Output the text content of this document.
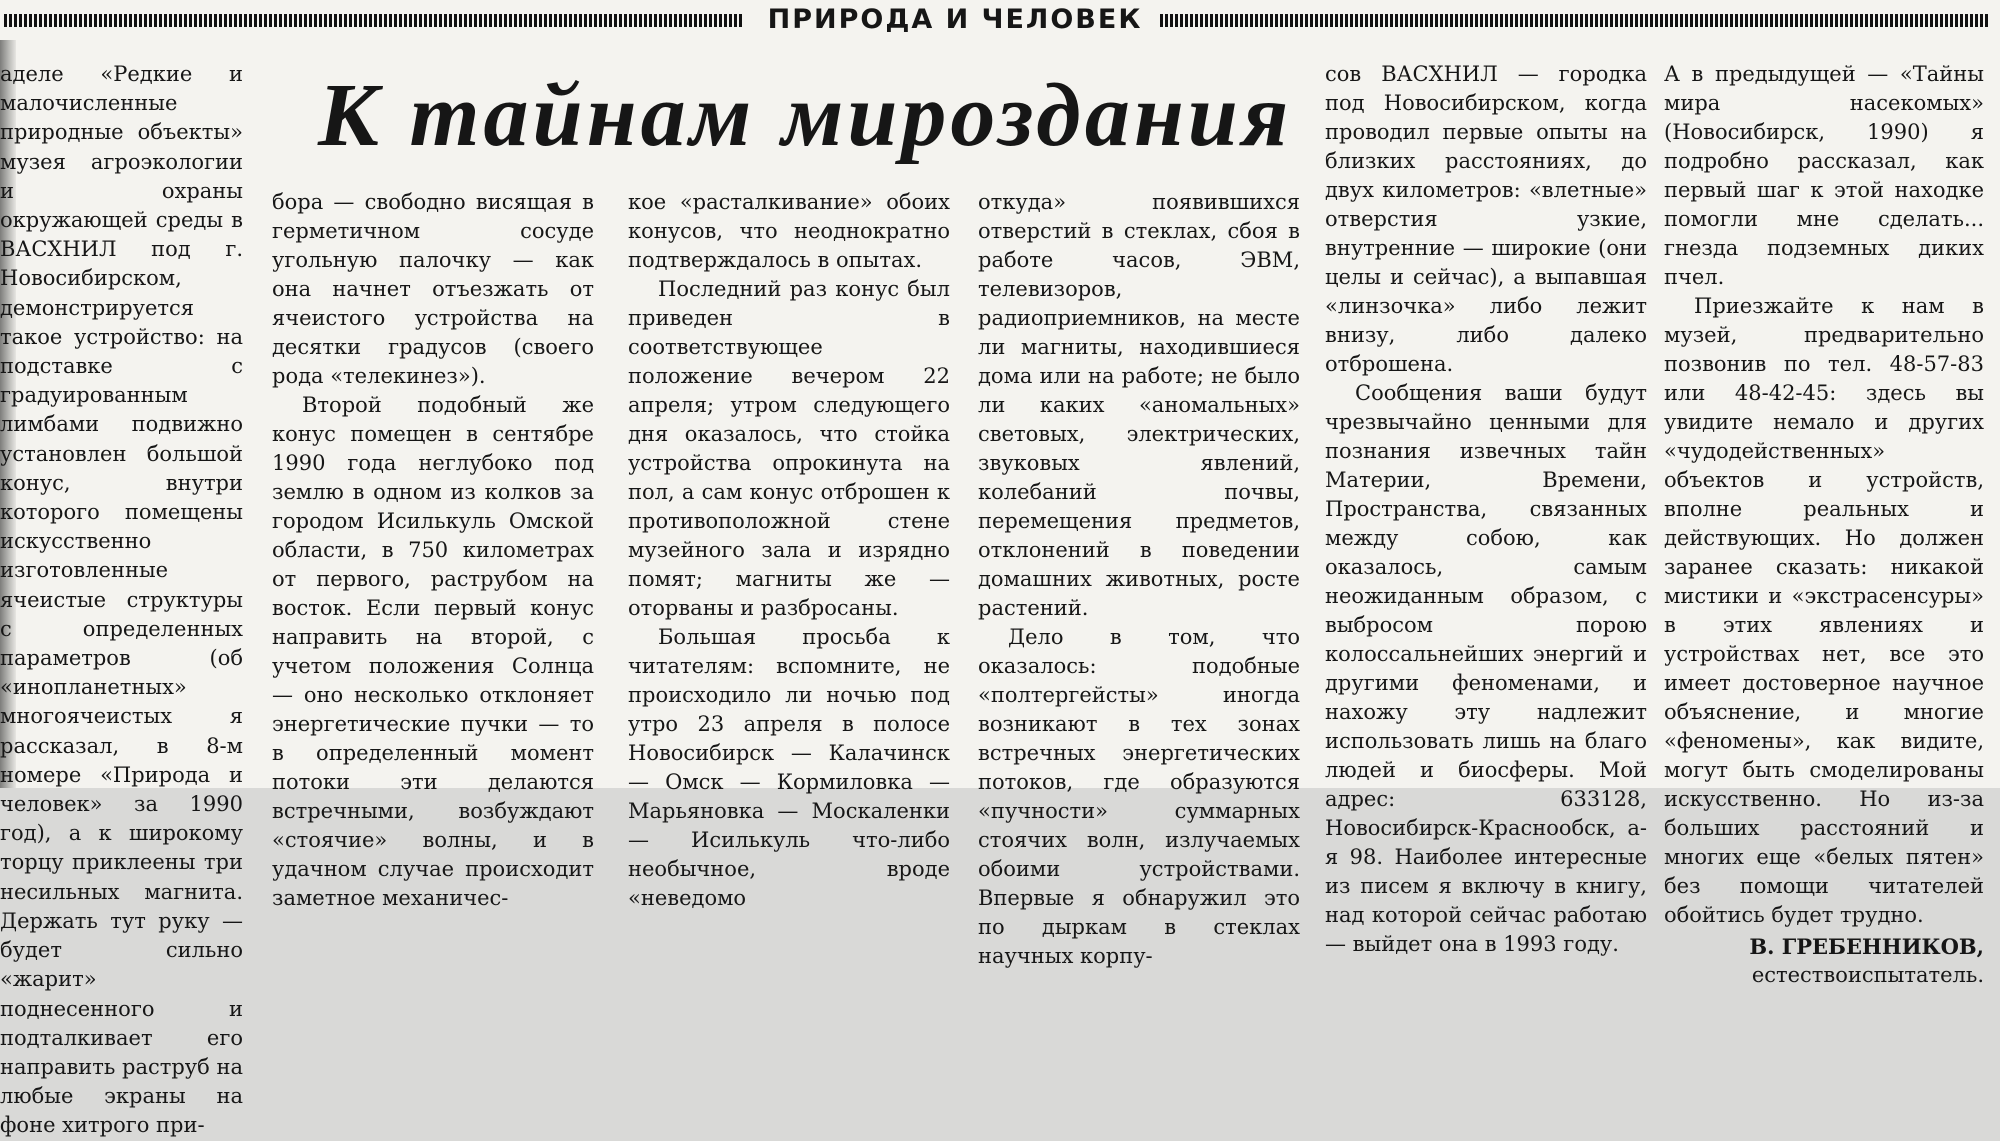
ПРИРОДА И ЧЕЛОВЕК
К тайнам мироздания

аделе «Редкие и малочисленные природные объекты» музея агроэкологии и охраны окружающей среды в ВАСХНИЛ под г. Новосибирском, демонстрируется такое устройство: на подставке с градуированным лимбами подвижно установлен большой конус, внутри которого помещены искусственно изготовленные ячеистые структуры с определенных параметров (об «инопланетных» многоячеистых я рассказал, в 8-м номере «Природа и человек» за 1990 год), а к широкому торцу приклеены три несильных магнита. Держать тут руку — будет сильно «жарит» поднесенного и подталкивает его направить раструб на любые экраны на фоне хитрого при-

бора — свободно висящая в герметичном сосуде угольную палочку — как она начнет отъезжать от ячеистого устройства на десятки градусов (своего рода «телекинез»).

Второй подобный же конус помещен в сентябре 1990 года неглубоко под землю в одном из колков за городом Исилькуль Омской области, в 750 километрах от первого, раструбом на восток. Если первый конус направить на второй, с учетом положения Солнца — оно несколько отклоняет энергетические пучки — то в определенный момент потоки эти делаются встречными, возбуждают «стоячие» волны, и в удачном случае происходит заметное механичес-

кое «расталкивание» обоих конусов, что неоднократно подтверждалось в опытах.

Последний раз конус был приведен в соответствующее положение вечером 22 апреля; утром следующего дня оказалось, что стойка устройства опрокинута на пол, а сам конус отброшен к противоположной стене музейного зала и изрядно помят; магниты же — оторваны и разбросаны.

Большая просьба к читателям: вспомните, не происходило ли ночью под утро 23 апреля в полосе Новосибирск — Калачинск — Омск — Кормиловка — Марьяновка — Москаленки — Исилькуль что-либо необычное, вроде «неведомо

откуда» появившихся отверстий в стеклах, сбоя в работе часов, ЭВМ, телевизоров, радиоприемников, на месте ли магниты, находившиеся дома или на работе; не было ли каких «аномальных» световых, электрических, звуковых явлений, колебаний почвы, перемещения предметов, отклонений в поведении домашних животных, росте растений.

Дело в том, что оказалось: подобные «полтергейсты» иногда возникают в тех зонах встречных энергетических потоков, где образуются «пучности» суммарных стоячих волн, излучаемых обоими устройствами. Впервые я обнаружил это по дыркам в стеклах научных корпу-

сов ВАСХНИЛ — городка под Новосибирском, когда проводил первые опыты на близких расстояниях, до двух километров: «влетные» отверстия узкие, внутренние — широкие (они целы и сейчас), а выпавшая «линзочка» либо лежит внизу, либо далеко отброшена.

Сообщения ваши будут чрезвычайно ценными для познания извечных тайн Материи, Времени, Пространства, связанных между собою, как оказалось, самым неожиданным образом, с выбросом порою колоссальнейших энергий и другими феноменами, и нахожу эту надлежит использовать лишь на благо людей и биосферы. Мой адрес: 633128, Новосибирск-Краснообск, а-я 98. Наиболее интересные из писем я включу в книгу, над которой сейчас работаю — выйдет она в 1993 году.

А в предыдущей — «Тайны мира насекомых» (Новосибирск, 1990) я подробно рассказал, как первый шаг к этой находке помогли мне сделать... гнезда подземных диких пчел.

Приезжайте к нам в музей, предварительно позвонив по тел. 48-57-83 или 48-42-45: здесь вы увидите немало и других «чудодейственных» объектов и устройств, вполне реальных и действующих. Но должен заранее сказать: никакой мистики и «экстрасенсуры» в этих явлениях и устройствах нет, все это имеет достоверное научное объяснение, и многие «феномены», как видите, могут быть смоделированы искусственно. Но из-за больших расстояний и многих еще «белых пятен» без помощи читателей обойтись будет трудно.

В. ГРЕБЕННИКОВ,
естествоиспытатель.
